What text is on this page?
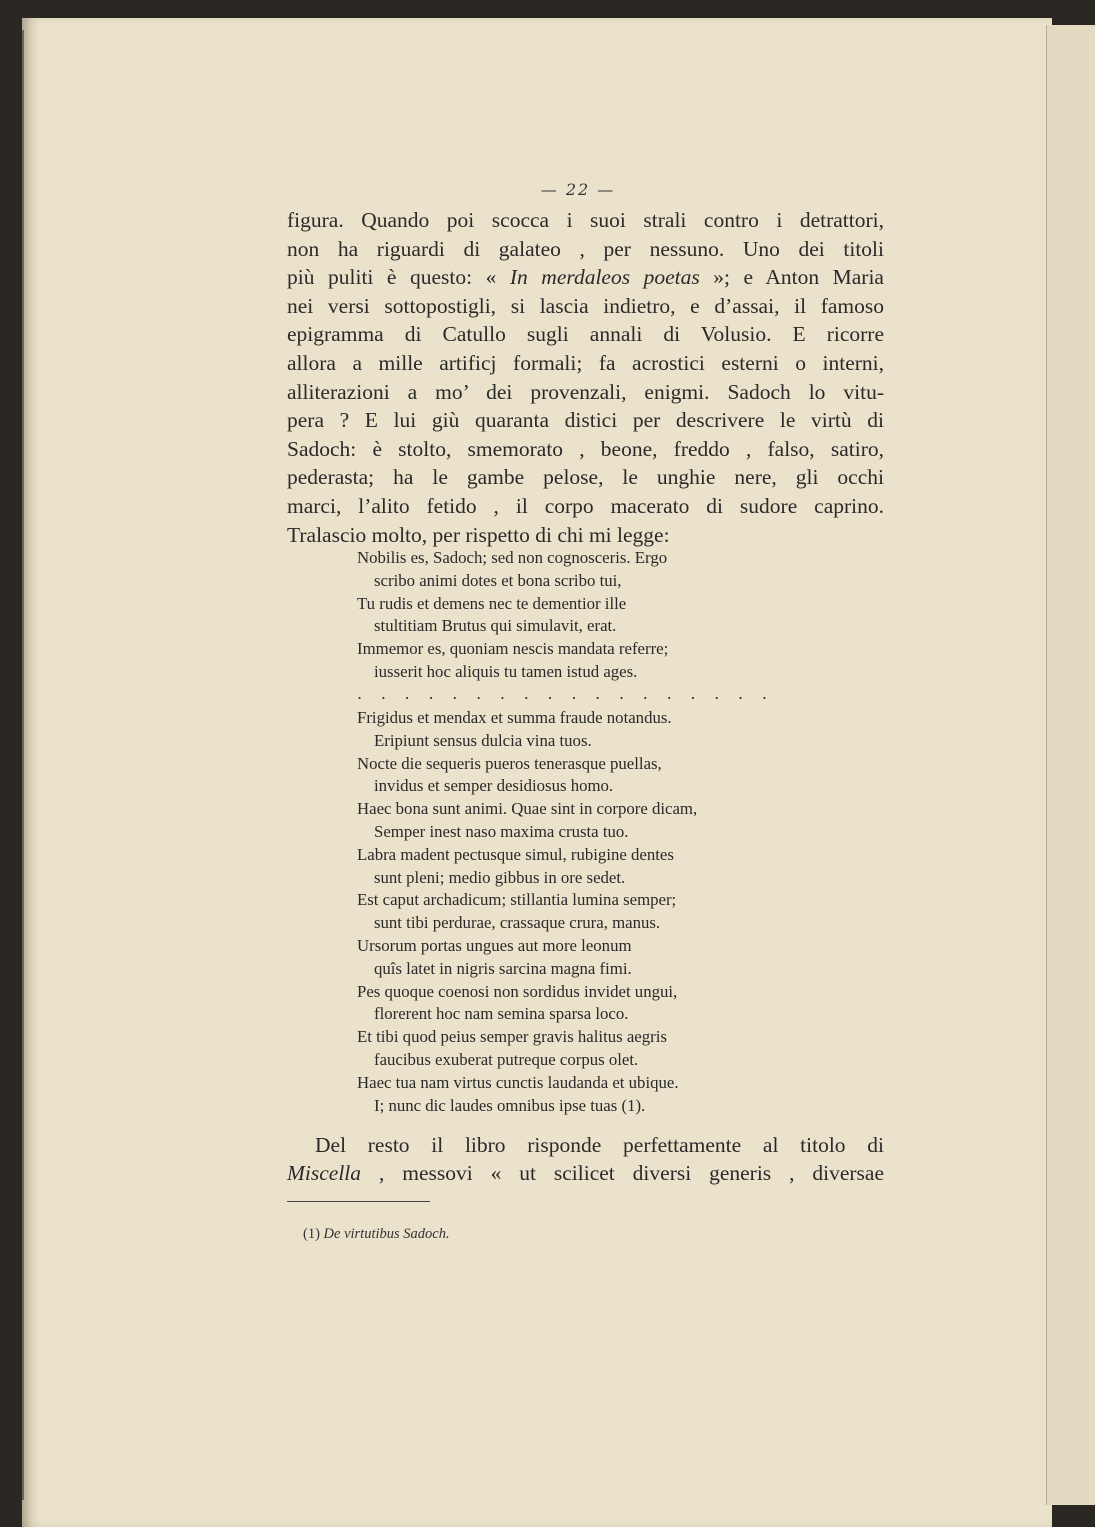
— 22 —
figura. Quando poi scocca i suoi strali contro i detrattori,
non ha riguardi di galateo , per nessuno. Uno dei titoli
più puliti è questo: « In merdaleos poetas »; e Anton Maria
nei versi sottopostigli, si lascia indietro, e d’assai, il famoso
epigramma di Catullo sugli annali di Volusio. E ricorre
allora a mille artificj formali; fa acrostici esterni o interni,
alliterazioni a mo’ dei provenzali, enigmi. Sadoch lo vitu-
pera ? E lui giù quaranta distici per descrivere le virtù di
Sadoch: è stolto, smemorato , beone, freddo , falso, satiro,
pederasta; ha le gambe pelose, le unghie nere, gli occhi
marci, l’alito fetido , il corpo macerato di sudore caprino.
Tralascio molto, per rispetto di chi mi legge:
Nobilis es, Sadoch; sed non cognosceris. Ergo
scribo animi dotes et bona scribo tui,
Tu rudis et demens nec te dementior ille
stultitiam Brutus qui simulavit, erat.
Immemor es, quoniam nescis mandata referre;
iusserit hoc aliquis tu tamen istud ages.
. . . . . . . . . . . . . . . . . .
Frigidus et mendax et summa fraude notandus.
Eripiunt sensus dulcia vina tuos.
Nocte die sequeris pueros tenerasque puellas,
invidus et semper desidiosus homo.
Haec bona sunt animi. Quae sint in corpore dicam,
Semper inest naso maxima crusta tuo.
Labra madent pectusque simul, rubigine dentes
sunt pleni; medio gibbus in ore sedet.
Est caput archadicum; stillantia lumina semper;
sunt tibi perdurae, crassaque crura, manus.
Ursorum portas ungues aut more leonum
quîs latet in nigris sarcina magna fimi.
Pes quoque coenosi non sordidus invidet ungui,
florerent hoc nam semina sparsa loco.
Et tibi quod peius semper gravis halitus aegris
faucibus exuberat putreque corpus olet.
Haec tua nam virtus cunctis laudanda et ubique.
I; nunc dic laudes omnibus ipse tuas (1).
Del resto il libro risponde perfettamente al titolo di
Miscella , messovi « ut scilicet diversi generis , diversae
(1) De virtutibus Sadoch.
